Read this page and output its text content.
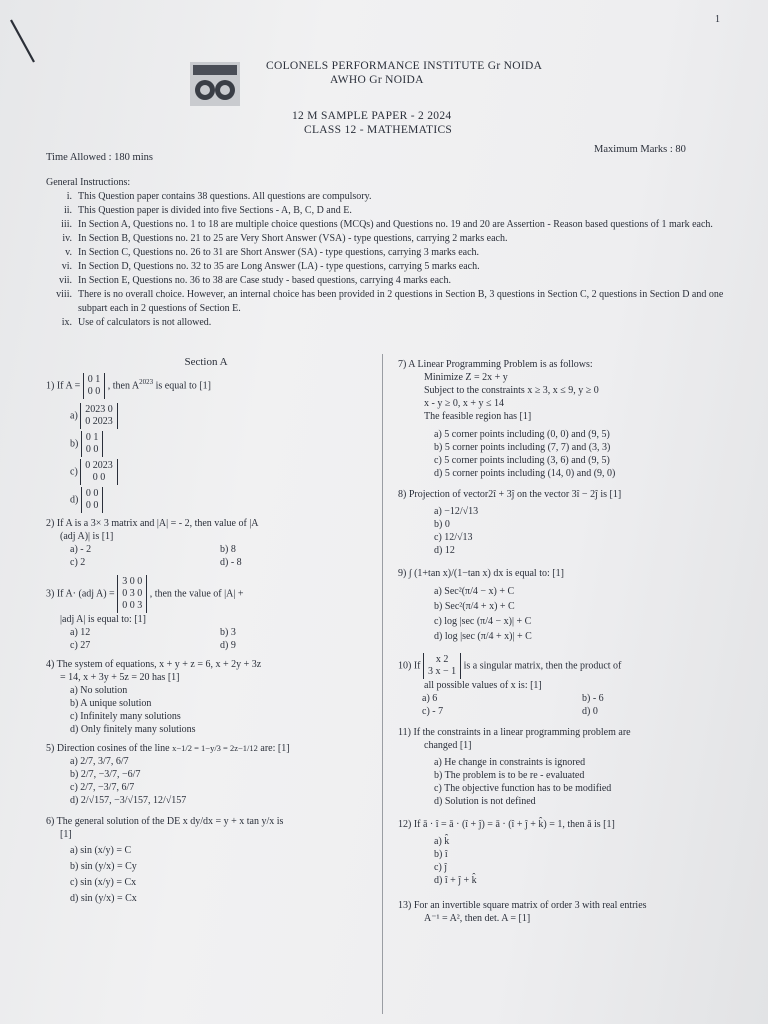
1
COLONELS PERFORMANCE INSTITUTE Gr NOIDA
AWHO Gr NOIDA
12 M SAMPLE PAPER - 2 2024
CLASS 12 - MATHEMATICS
Time Allowed : 180 mins
Maximum Marks : 80
General Instructions:
i. This Question paper contains 38 questions. All questions are compulsory.
ii. This Question paper is divided into five Sections - A, B, C, D and E.
iii. In Section A, Questions no. 1 to 18 are multiple choice questions (MCQs) and Questions no. 19 and 20 are Assertion - Reason based questions of 1 mark each.
iv. In Section B, Questions no. 21 to 25 are Very Short Answer (VSA) - type questions, carrying 2 marks each.
v. In Section C, Questions no. 26 to 31 are Short Answer (SA) - type questions, carrying 3 marks each.
vi. In Section D, Questions no. 32 to 35 are Long Answer (LA) - type questions, carrying 5 marks each.
vii. In Section E, Questions no. 36 to 38 are Case study - based questions, carrying 4 marks each.
viii. There is no overall choice. However, an internal choice has been provided in 2 questions in Section B, 3 questions in Section C, 2 questions in Section D and one subpart each in 2 questions of Section E.
ix. Use of calculators is not allowed.
Section A
1) If A =
0 1
0 0
, then $A^{2023}$ is equal to [1]
a)
2023 0
0 2023
b)
0 1
0 0
c)
0 2023
0 0
d)
0 0
0 0
2) If A is a 3× 3 matrix and |A| = - 2, then value of |A
(adj A)| is [1]
a) - 2	b) 8
c) 2	d) - 8
3) If A· (adj A) =
3 0 0
0 3 0
0 0 3
, then the value of |A| +
|adj A| is equal to: [1]
a) 12	b) 3
c) 27	d) 9
4) The system of equations, x + y + z = 6, x + 2y + 3z
= 14, x + 3y + 5z = 20 has [1]
a) No solution
b) A unique solution
c) Infinitely many solutions
d) Only finitely many solutions
5) Direction cosines of the line x−1/2 = 1−y/3 = 2z−1/12 are: [1]
a) 2/7, 3/7, 6/7
b) 2/7, −3/7, −6/7
c) 2/7, −3/7, 6/7
d) 2/√157, −3/√157, 12/√157
6) The general solution of the DE x dy/dx = y + x tan y/x is
[1]
a) sin (x/y) = C
b) sin (y/x) = Cy
c) sin (x/y) = Cx
d) sin (y/x) = Cx
7) A Linear Programming Problem is as follows:
Minimize Z = 2x + y
Subject to the constraints x ≥ 3, x ≤ 9, y ≥ 0
x - y ≥ 0, x + y ≤ 14
The feasible region has [1]
a) 5 corner points including (0, 0) and (9, 5)
b) 5 corner points including (7, 7) and (3, 3)
c) 5 corner points including (3, 6) and (9, 5)
d) 5 corner points including (14, 0) and (9, 0)
8) Projection of vector2î + 3ĵ on the vector 3î − 2ĵ is [1]
a) −12/√13
b) 0
c) 12/√13
d) 12
9) ∫ (1+tan x)/(1−tan x) dx is equal to: [1]
a) Sec²(π/4 − x) + C
b) Sec²(π/4 + x) + C
c) log |sec (π/4 − x)| + C
d) log |sec (π/4 + x)| + C
10) If
x 2
3 x − 1
is a singular matrix, then the product of
all possible values of x is: [1]
a) 6	b) - 6
c) - 7	d) 0
11) If the constraints in a linear programming problem are
changed [1]
a) He change in constraints is ignored
b) The problem is to be re - evaluated
c) The objective function has to be modified
d) Solution is not defined
12) If ā · î = ā · (î + ĵ) = ā · (î + ĵ + k̂) = 1, then ā is [1]
a) k̂
b) î
c) ĵ
d) î + ĵ + k̂
13) For an invertible square matrix of order 3 with real entries
A⁻¹ = A², then det. A = [1]
